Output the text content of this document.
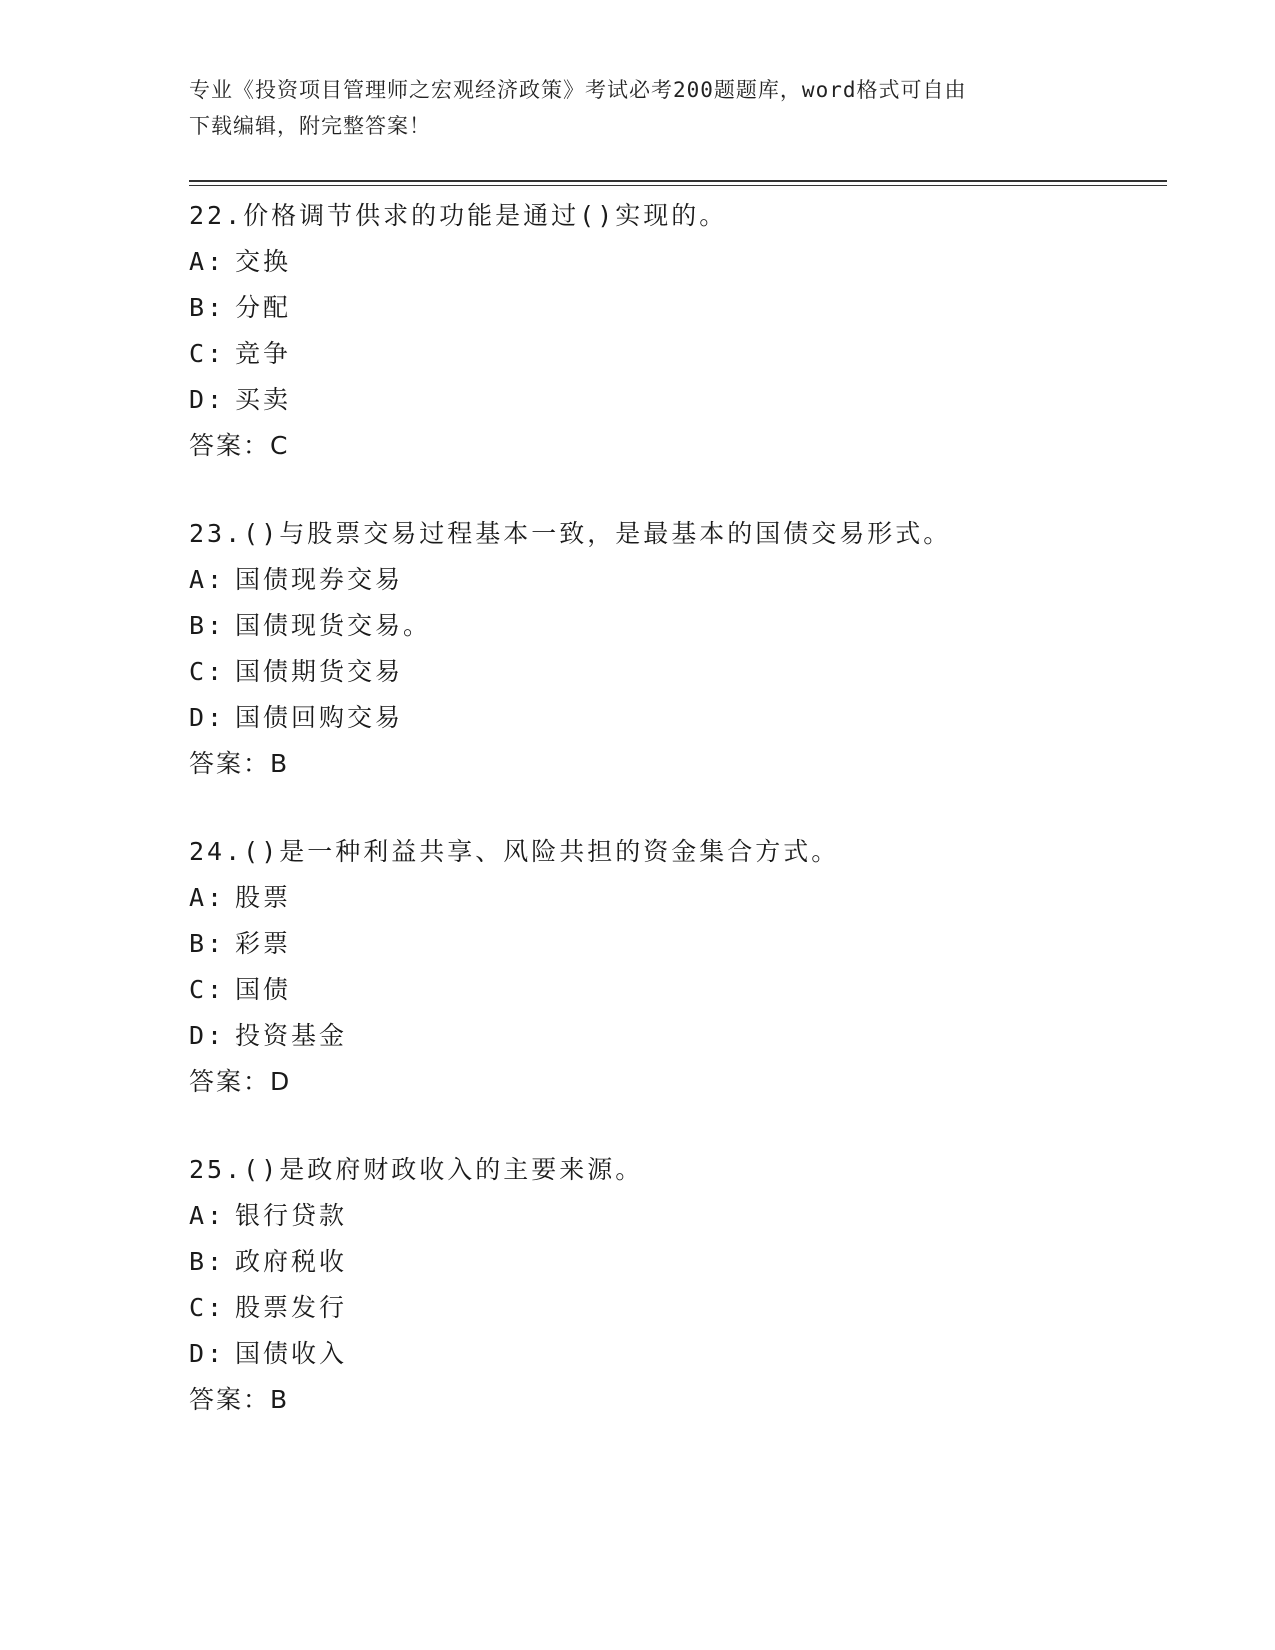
专业《投资项目管理师之宏观经济政策》考试必考200题题库，word格式可自由
下载编辑，附完整答案！
22.价格调节供求的功能是通过()实现的。
A: 交换
B: 分配
C: 竞争
D: 买卖
答案：C
23.()与股票交易过程基本一致，是最基本的国债交易形式。
A: 国债现券交易
B: 国债现货交易。
C: 国债期货交易
D: 国债回购交易
答案：B
24.()是一种利益共享、风险共担的资金集合方式。
A: 股票
B: 彩票
C: 国债
D: 投资基金
答案：D
25.()是政府财政收入的主要来源。
A: 银行贷款
B: 政府税收
C: 股票发行
D: 国债收入
答案：B
